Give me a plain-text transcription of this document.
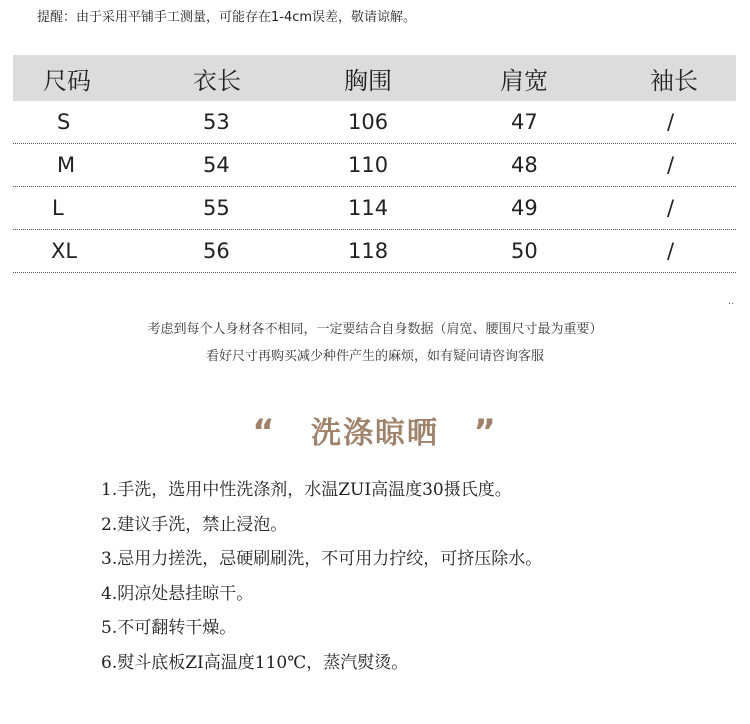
提醒：由于采用平铺手工测量，可能存在1-4cm误差，敬请谅解。
尺码	衣长	胸围	肩宽	袖长
S	53	106	47	/
M	54	110	48	/
L	55	114	49	/
XL	56	118	50	/
..
考虑到每个人身材各不相同，一定要结合自身数据（肩宽、腰围尺寸最为重要）
看好尺寸再购买减少种件产生的麻烦，如有疑问请咨询客服
“ 洗涤晾晒 ”
1.手洗，选用中性洗涤剂，水温ZUI高温度30摄氏度。
2.建议手洗，禁止浸泡。
3.忌用力搓洗，忌硬刷刷洗，不可用力拧绞，可挤压除水。
4.阴凉处悬挂晾干。
5.不可翻转干燥。
6.熨斗底板ZI高温度110℃，蒸汽熨烫。
